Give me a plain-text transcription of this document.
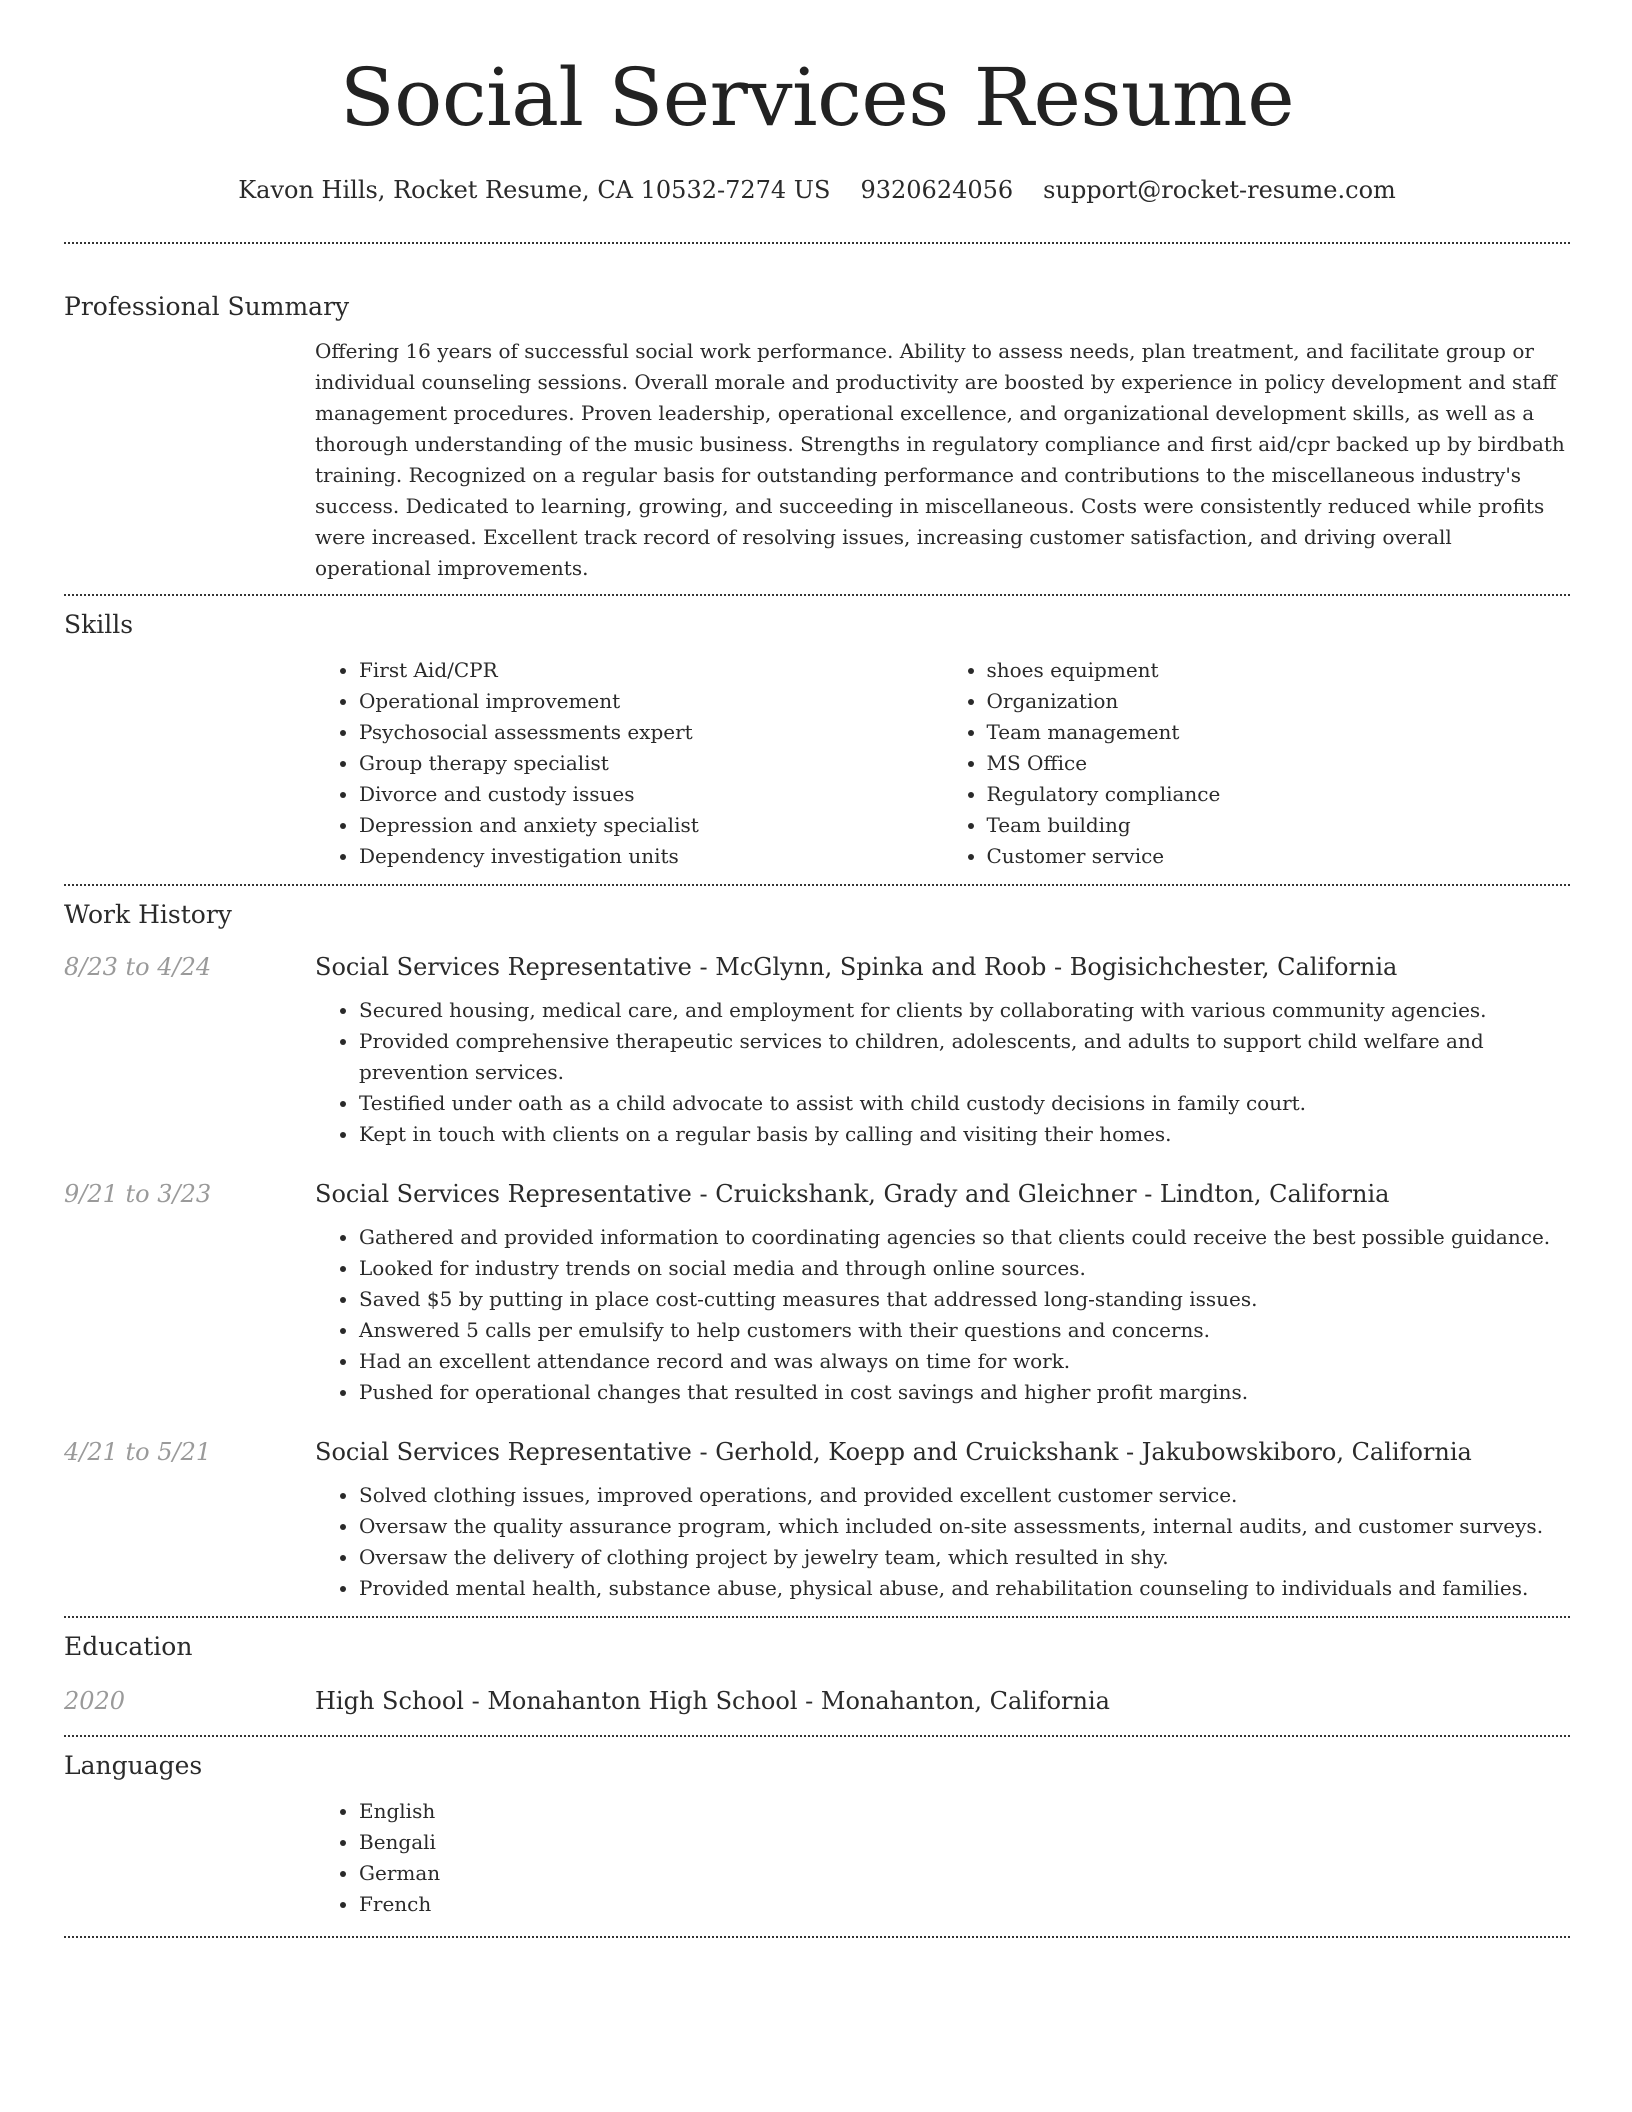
Social Services Resume
Kavon Hills, Rocket Resume, CA 10532-7274 US 9320624056 support@rocket-resume.com
Professional Summary
Offering 16 years of successful social work performance. Ability to assess needs, plan treatment, and facilitate group or individual counseling sessions. Overall morale and productivity are boosted by experience in policy development and staff management procedures. Proven leadership, operational excellence, and organizational development skills, as well as a thorough understanding of the music business. Strengths in regulatory compliance and first aid/cpr backed up by birdbath training. Recognized on a regular basis for outstanding performance and contributions to the miscellaneous industry's success. Dedicated to learning, growing, and succeeding in miscellaneous. Costs were consistently reduced while profits were increased. Excellent track record of resolving issues, increasing customer satisfaction, and driving overall operational improvements.
Skills
• First Aid/CPR
• Operational improvement
• Psychosocial assessments expert
• Group therapy specialist
• Divorce and custody issues
• Depression and anxiety specialist
• Dependency investigation units
• shoes equipment
• Organization
• Team management
• MS Office
• Regulatory compliance
• Team building
• Customer service
Work History
8/23 to 4/24	Social Services Representative - McGlynn, Spinka and Roob - Bogisichchester, California
• Secured housing, medical care, and employment for clients by collaborating with various community agencies.
• Provided comprehensive therapeutic services to children, adolescents, and adults to support child welfare and prevention services.
• Testified under oath as a child advocate to assist with child custody decisions in family court.
• Kept in touch with clients on a regular basis by calling and visiting their homes.
9/21 to 3/23	Social Services Representative - Cruickshank, Grady and Gleichner - Lindton, California
• Gathered and provided information to coordinating agencies so that clients could receive the best possible guidance.
• Looked for industry trends on social media and through online sources.
• Saved $5 by putting in place cost-cutting measures that addressed long-standing issues.
• Answered 5 calls per emulsify to help customers with their questions and concerns.
• Had an excellent attendance record and was always on time for work.
• Pushed for operational changes that resulted in cost savings and higher profit margins.
4/21 to 5/21	Social Services Representative - Gerhold, Koepp and Cruickshank - Jakubowskiboro, California
• Solved clothing issues, improved operations, and provided excellent customer service.
• Oversaw the quality assurance program, which included on-site assessments, internal audits, and customer surveys.
• Oversaw the delivery of clothing project by jewelry team, which resulted in shy.
• Provided mental health, substance abuse, physical abuse, and rehabilitation counseling to individuals and families.
Education
2020	High School - Monahanton High School - Monahanton, California
Languages
• English
• Bengali
• German
• French
